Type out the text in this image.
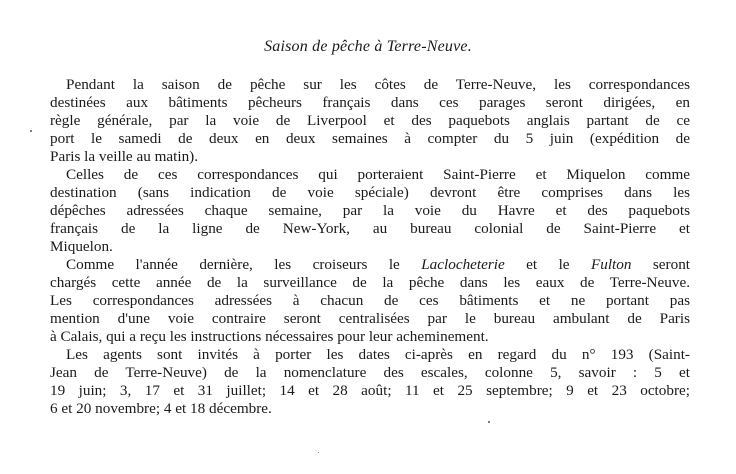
Saison de pêche à Terre-Neuve.
Pendant la saison de pêche sur les côtes de Terre-Neuve, les correspondances
destinées aux bâtiments pêcheurs français dans ces parages seront dirigées, en
règle générale, par la voie de Liverpool et des paquebots anglais partant de ce
port le samedi de deux en deux semaines à compter du 5 juin (expédition de
Paris la veille au matin).
Celles de ces correspondances qui porteraient Saint-Pierre et Miquelon comme
destination (sans indication de voie spéciale) devront être comprises dans les
dépêches adressées chaque semaine, par la voie du Havre et des paquebots
français de la ligne de New-York, au bureau colonial de Saint-Pierre et
Miquelon.
Comme l'année dernière, les croiseurs le Laclocheterie et le Fulton seront
chargés cette année de la surveillance de la pêche dans les eaux de Terre-Neuve.
Les correspondances adressées à chacun de ces bâtiments et ne portant pas
mention d'une voie contraire seront centralisées par le bureau ambulant de Paris
à Calais, qui a reçu les instructions nécessaires pour leur acheminement.
Les agents sont invités à porter les dates ci-après en regard du n° 193 (Saint-
Jean de Terre-Neuve) de la nomenclature des escales, colonne 5, savoir : 5 et
19 juin; 3, 17 et 31 juillet; 14 et 28 août; 11 et 25 septembre; 9 et 23 octobre;
6 et 20 novembre; 4 et 18 décembre.
